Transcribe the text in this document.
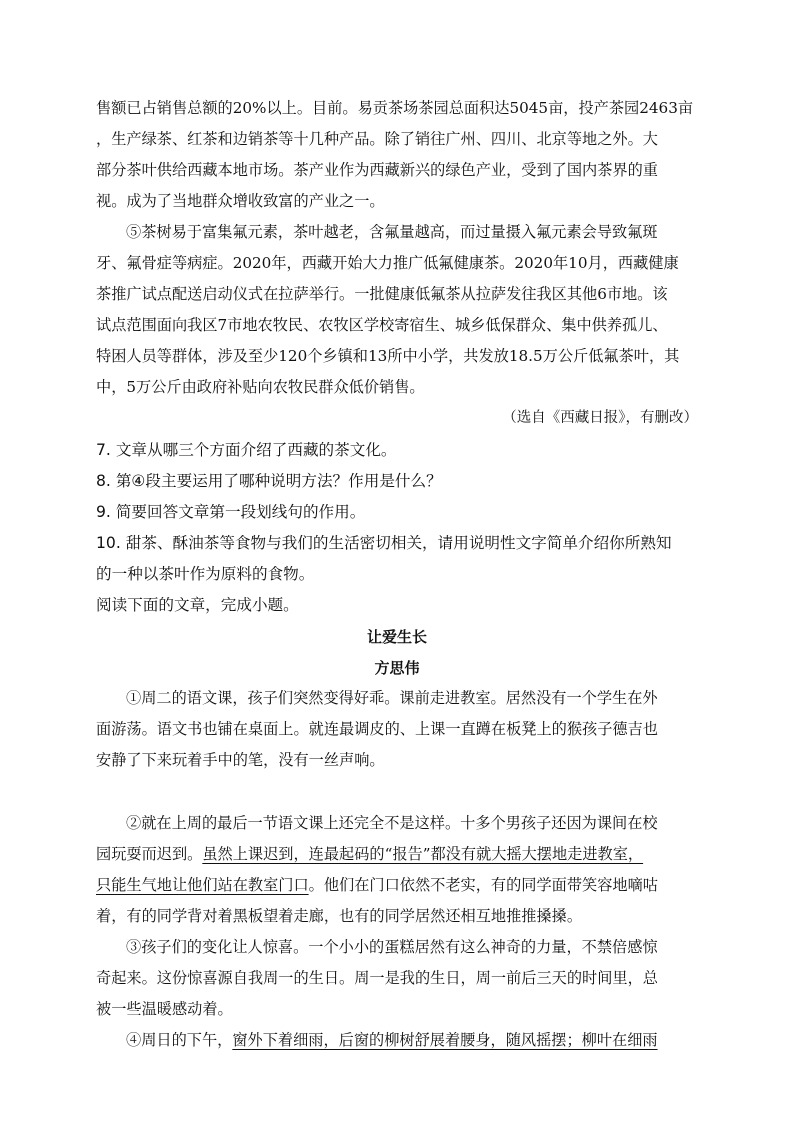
售额已占销售总额的20%以上。目前。易贡茶场茶园总面积达5045亩，投产茶园2463亩
，生产绿茶、红茶和边销茶等十几种产品。除了销往广州、四川、北京等地之外。大
部分茶叶供给西藏本地市场。茶产业作为西藏新兴的绿色产业，受到了国内茶界的重
视。成为了当地群众增收致富的产业之一。
⑤茶树易于富集氟元素，茶叶越老，含氟量越高，而过量摄入氟元素会导致氟斑
牙、氟骨症等病症。2020年，西藏开始大力推广低氟健康茶。2020年10月，西藏健康
茶推广试点配送启动仪式在拉萨举行。一批健康低氟茶从拉萨发往我区其他6市地。该
试点范围面向我区7市地农牧民、农牧区学校寄宿生、城乡低保群众、集中供养孤儿、
特困人员等群体，涉及至少120个乡镇和13所中小学，共发放18.5万公斤低氟茶叶，其
中，5万公斤由政府补贴向农牧民群众低价销售。
（选自《西藏日报》，有删改）
7. 文章从哪三个方面介绍了西藏的茶文化。
8. 第④段主要运用了哪种说明方法？作用是什么？
9. 简要回答文章第一段划线句的作用。
10. 甜茶、酥油茶等食物与我们的生活密切相关，请用说明性文字简单介绍你所熟知
的一种以茶叶作为原料的食物。
阅读下面的文章，完成小题。
让爱生长
方思伟
①周二的语文课，孩子们突然变得好乖。课前走进教室。居然没有一个学生在外
面游荡。语文书也铺在桌面上。就连最调皮的、上课一直蹲在板凳上的猴孩子德吉也
安静了下来玩着手中的笔，没有一丝声响。
②就在上周的最后一节语文课上还完全不是这样。十多个男孩子还因为课间在校
园玩耍而迟到。虽然上课迟到，连最起码的“报告”都没有就大摇大摆地走进教室，
只能生气地让他们站在教室门口。他们在门口依然不老实，有的同学面带笑容地嘀咕
着，有的同学背对着黑板望着走廊，也有的同学居然还相互地推推搡搡。
③孩子们的变化让人惊喜。一个小小的蛋糕居然有这么神奇的力量，不禁倍感惊
奇起来。这份惊喜源自我周一的生日。周一是我的生日，周一前后三天的时间里，总
被一些温暖感动着。
④周日的下午，窗外下着细雨，后窗的柳树舒展着腰身，随风摇摆；柳叶在细雨
